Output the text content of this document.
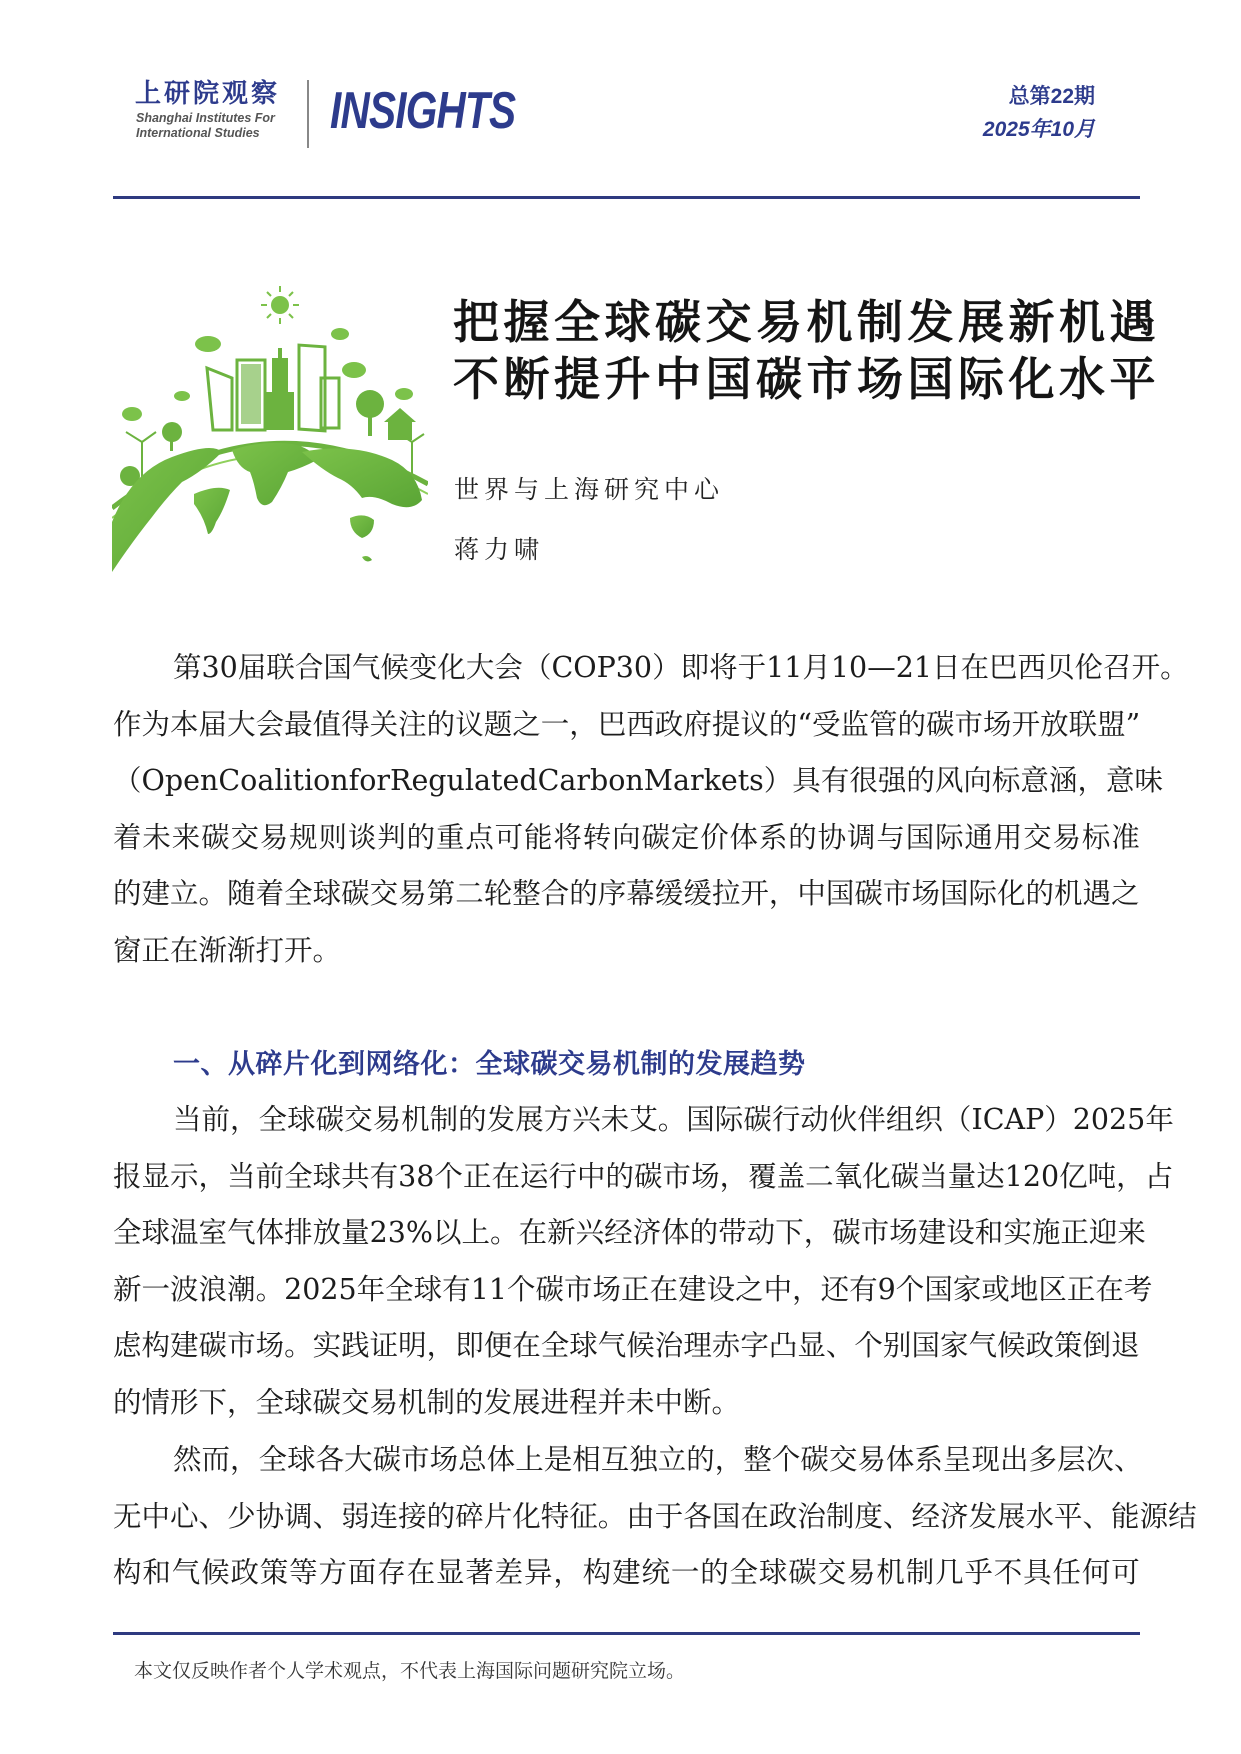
上研院观察
Shanghai Institutes For
International Studies INSIGHTS	总第22期
2025年10月
把握全球碳交易机制发展新机遇
不断提升中国碳市场国际化水平
世界与上海研究中心
蒋力啸
第 30 届 联 合 国 气 候 变 化 大 会 （ COP30 ） 即 将 于 11 月 10 — 21 日 在 巴 西 贝 伦 召 开 。
作 为 本 届 大 会 最 值 得 关 注 的 议 题 之 一 ， 巴 西 政 府 提 议 的 “ 受 监 管 的 碳 市 场 开 放 联 盟 ”
（ Open Coalition for Regulated Carbon Markets ） 具 有 很 强 的 风 向 标 意 涵 ， 意 味
着 未 来 碳 交 易 规 则 谈 判 的 重 点 可 能 将 转 向 碳 定 价 体 系 的 协 调 与 国 际 通 用 交 易 标 准
的 建 立 。 随 着 全 球 碳 交 易 第 二 轮 整 合 的 序 幕 缓 缓 拉 开 ， 中 国 碳 市 场 国 际 化 的 机 遇 之
窗正在渐渐打开。
一、从碎片化到网络化：全球碳交易机制的发展趋势
当 前 ， 全 球 碳 交 易 机 制 的 发 展 方 兴 未 艾 。 国 际 碳 行 动 伙 伴 组 织 （ ICAP ） 2025 年
报 显 示 ， 当 前 全 球 共 有 38 个 正 在 运 行 中 的 碳 市 场 ， 覆 盖 二 氧 化 碳 当 量 达 120 亿 吨 ， 占
全 球 温 室 气 体 排 放 量 23% 以 上 。 在 新 兴 经 济 体 的 带 动 下 ， 碳 市 场 建 设 和 实 施 正 迎 来
新 一 波 浪 潮 。 2025 年 全 球 有 11 个 碳 市 场 正 在 建 设 之 中 ， 还 有 9 个 国 家 或 地 区 正 在 考
虑 构 建 碳 市 场 。 实 践 证 明 ， 即 便 在 全 球 气 候 治 理 赤 字 凸 显 、 个 别 国 家 气 候 政 策 倒 退
的情形下，全球碳交易机制的发展进程并未中断。
然 而 ， 全 球 各 大 碳 市 场 总 体 上 是 相 互 独 立 的 ， 整 个 碳 交 易 体 系 呈 现 出 多 层 次 、
无 中 心 、 少 协 调 、 弱 连 接 的 碎 片 化 特 征 。 由 于 各 国 在 政 治 制 度 、 经 济 发 展 水 平 、 能 源 结
构 和 气 候 政 策 等 方 面 存 在 显 著 差 异 ， 构 建 统 一 的 全 球 碳 交 易 机 制 几 乎 不 具 任 何 可
本文仅反映作者个人学术观点，不代表上海国际问题研究院立场。
